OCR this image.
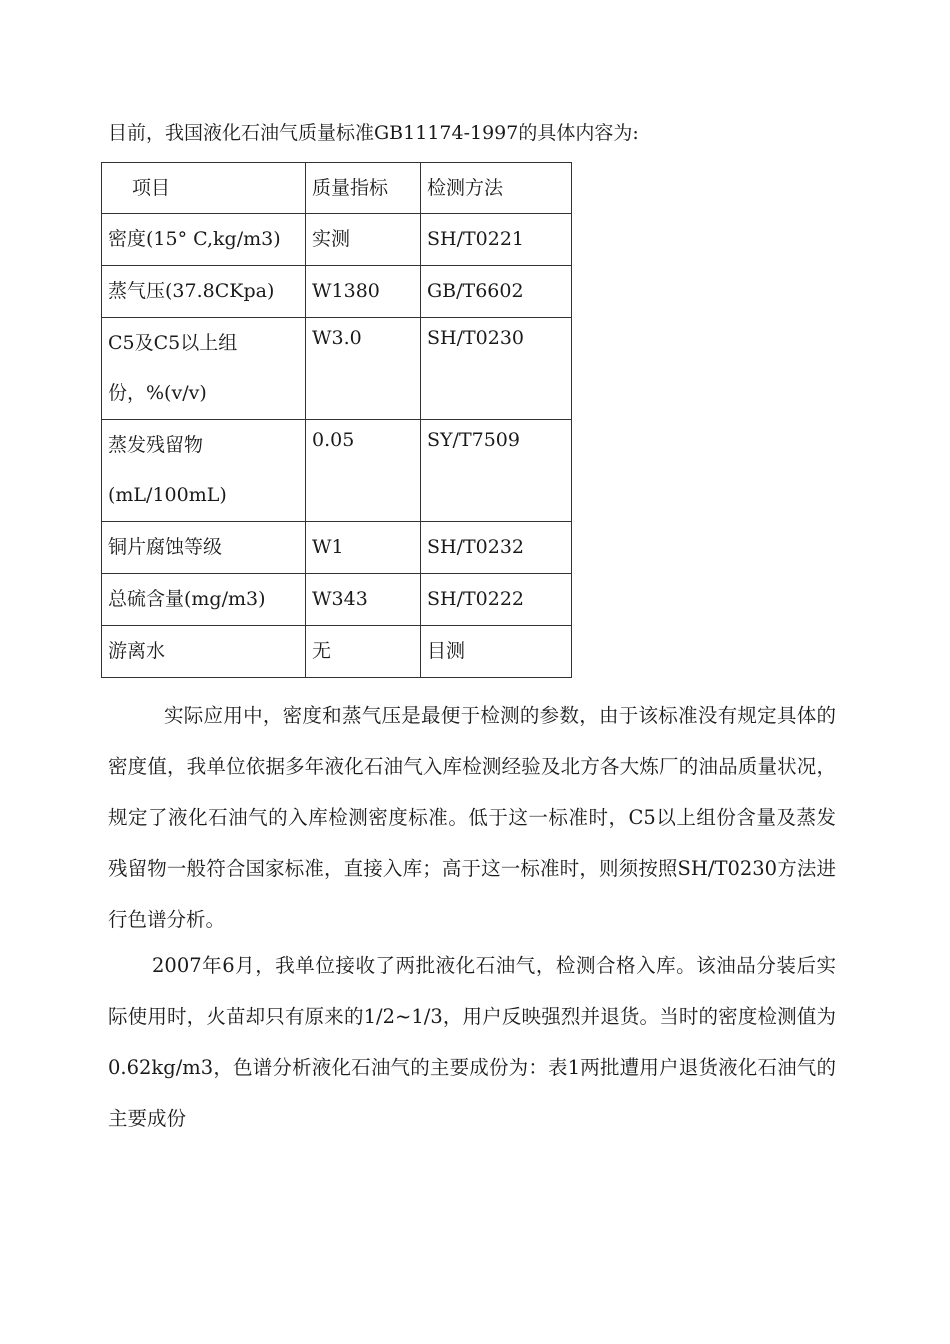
目前，我国液化石油气质量标准GB11174-1997的具体内容为:
项目	质量指标	检测方法
密度(15° C,kg/m3)	实测	SH/T0221
蒸气压(37.8CKpa)	W1380	GB/T6602

C5及C5以上组
份，%(v/v)	W3.0	SH/T0230

蒸发残留物
(mL/100mL)	0.05	SY/T7509
铜片腐蚀等级	W1	SH/T0232
总硫含量(mg/m3)	W343	SH/T0222
游离水	无	目测

实际应用中，密度和蒸气压是最便于检测的参数，由于该标准没有规定具体的密度值，我单位依据多年液化石油气入库检测经验及北方各大炼厂的油品质量状况，规定了液化石油气的入库检测密度标准。低于这一标准时，C5以上组份含量及蒸发残留物一般符合国家标准，直接入库；高于这一标准时，则须按照SH/T0230方法进行色谱分析。

2007年6月，我单位接收了两批液化石油气，检测合格入库。该油品分装后实际使用时，火苗却只有原来的1/2~1/3，用户反映强烈并退货。当时的密度检测值为0.62kg/m3，色谱分析液化石油气的主要成份为：表1两批遭用户退货液化石油气的主要成份
